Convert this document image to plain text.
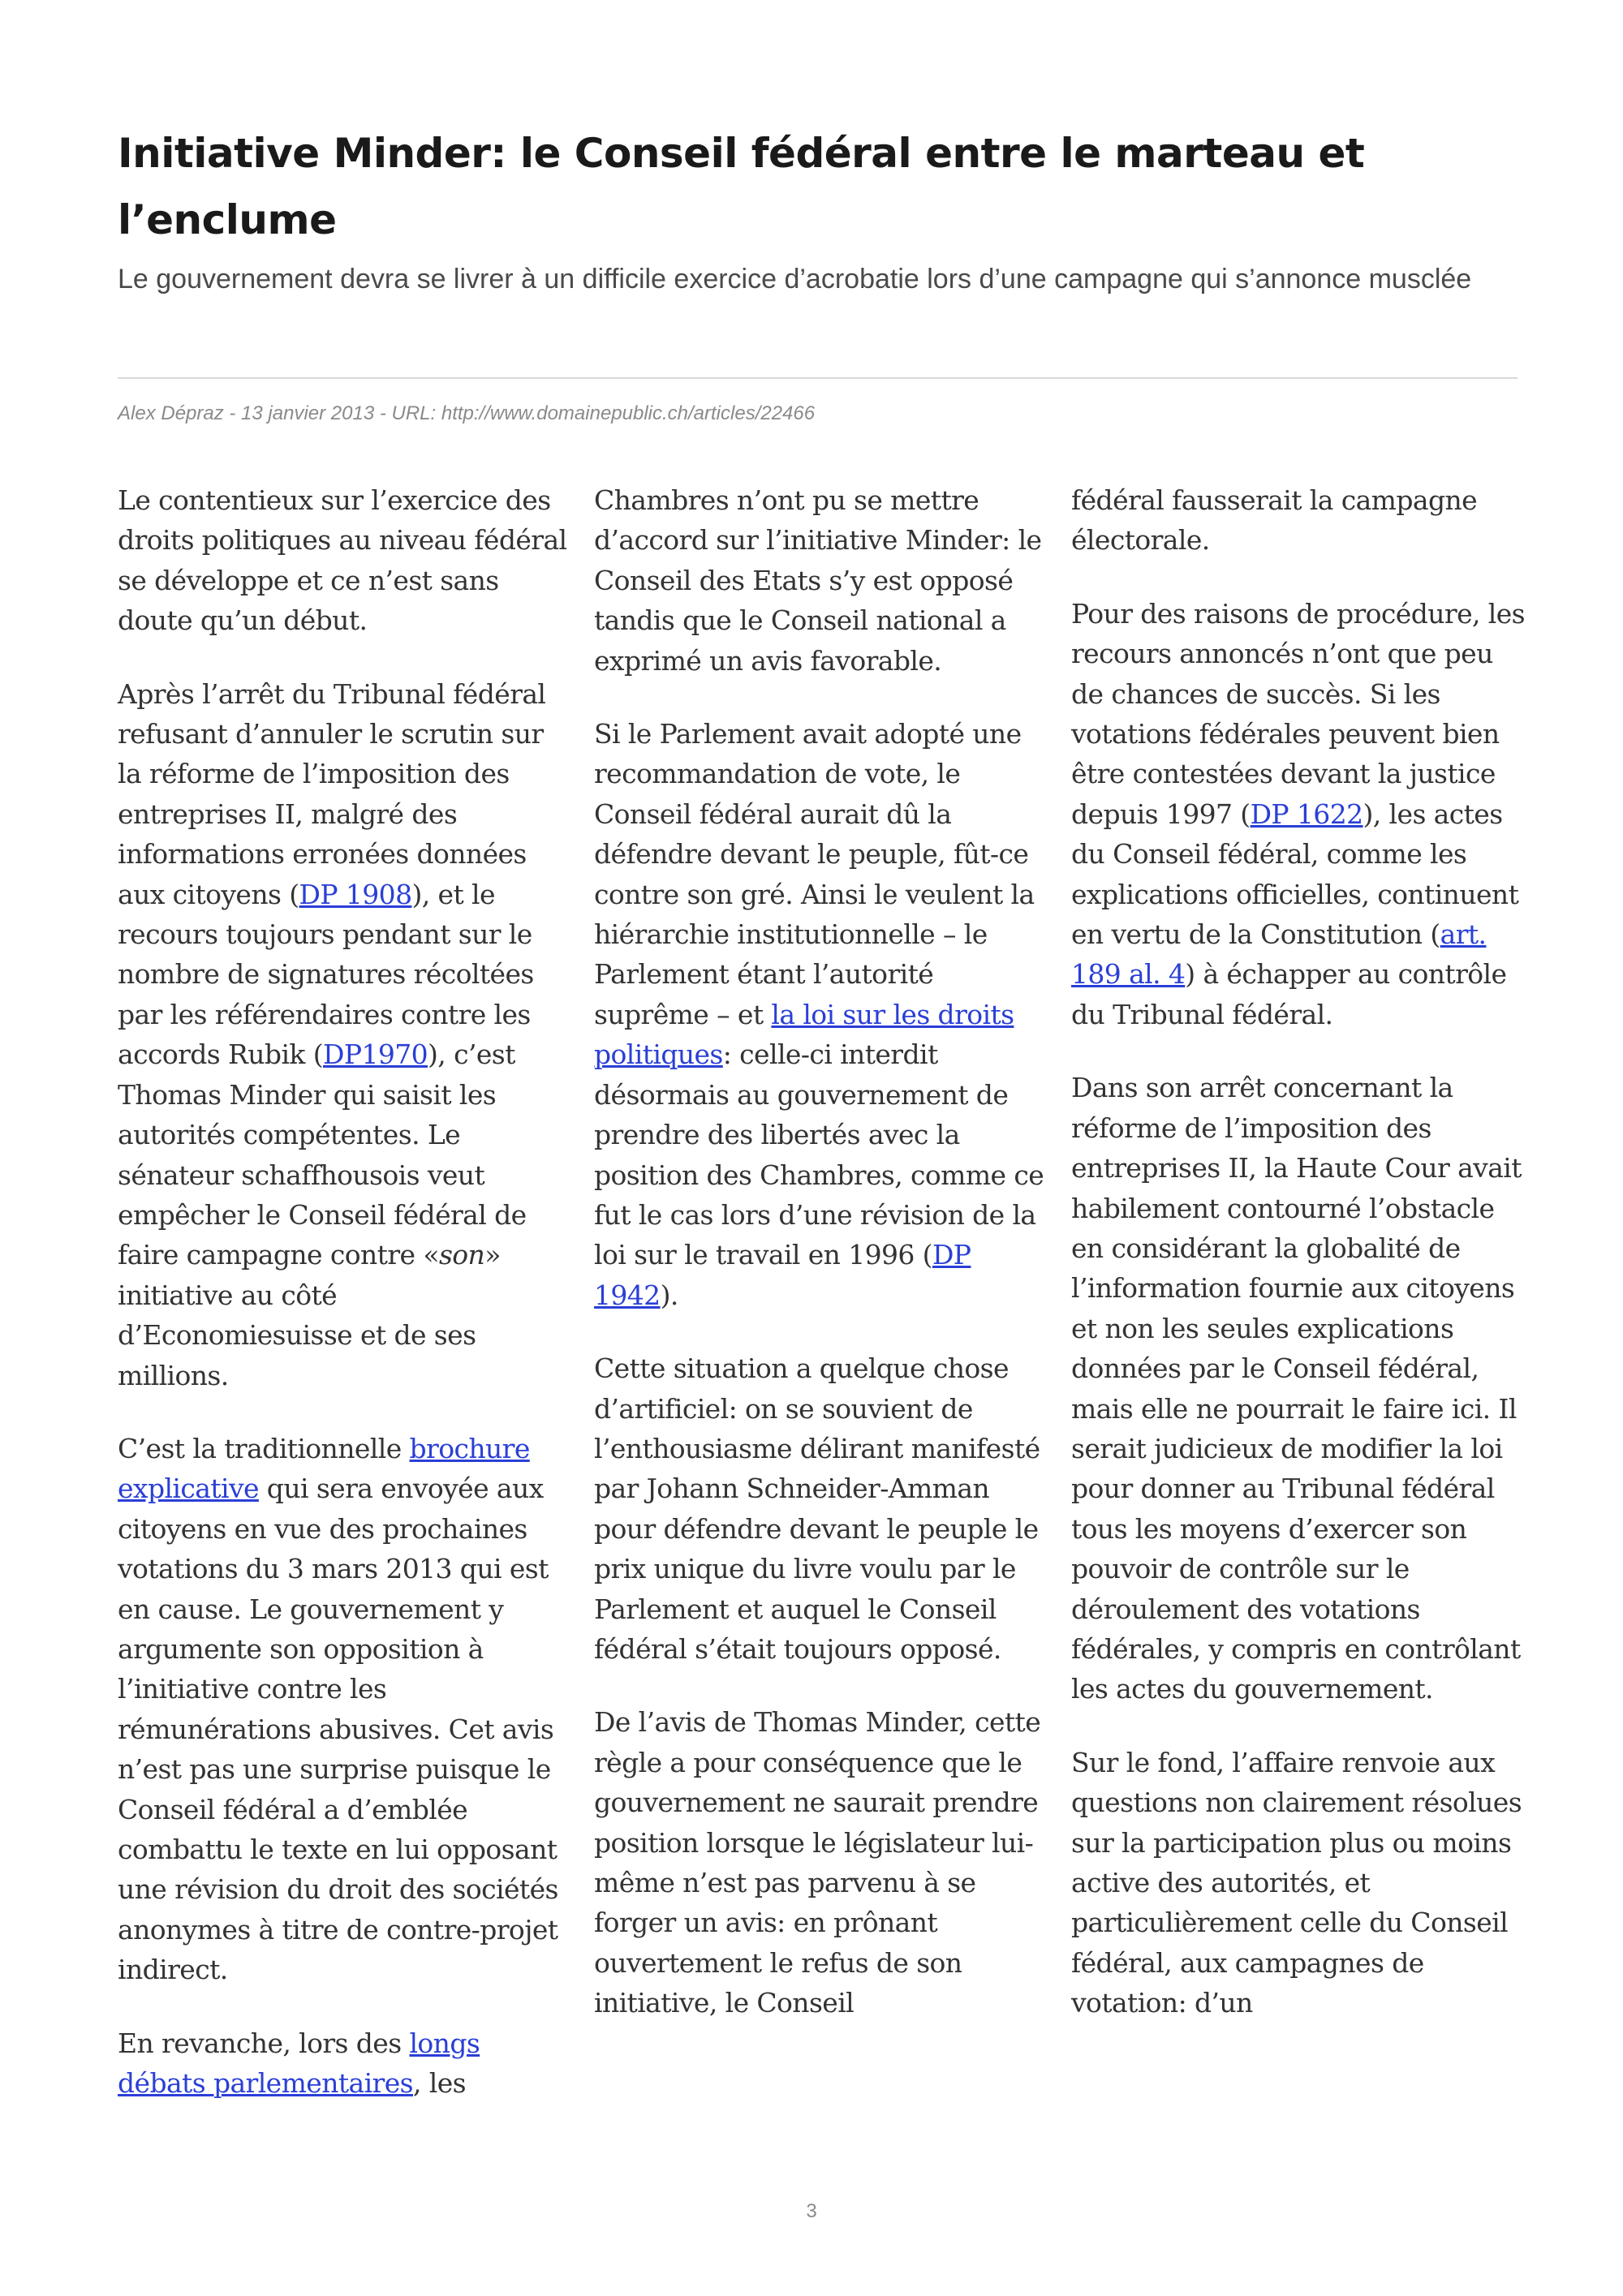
Initiative Minder: le Conseil fédéral entre le marteau et l’enclume

Le gouvernement devra se livrer à un difficile exercice d’acrobatie lors d’une campagne qui s’annonce musclée

Alex Dépraz - 13 janvier 2013 - URL: http://www.domainepublic.ch/articles/22466

Le contentieux sur l’exercice des droits politiques au niveau fédéral se développe et ce n’est sans doute qu’un début.

Après l’arrêt du Tribunal fédéral refusant d’annuler le scrutin sur la réforme de l’imposition des entreprises II, malgré des informations erronées données aux citoyens (DP 1908), et le recours toujours pendant sur le nombre de signatures récoltées par les référendaires contre les accords Rubik (DP1970), c’est Thomas Minder qui saisit les autorités compétentes. Le sénateur schaffhousois veut empêcher le Conseil fédéral de faire campagne contre «son» initiative au côté d’Economiesuisse et de ses millions.

C’est la traditionnelle brochure explicative qui sera envoyée aux citoyens en vue des prochaines votations du 3 mars 2013 qui est en cause. Le gouvernement y argumente son opposition à l’initiative contre les rémunérations abusives. Cet avis n’est pas une surprise puisque le Conseil fédéral a d’emblée combattu le texte en lui opposant une révision du droit des sociétés anonymes à titre de contre-projet indirect.

En revanche, lors des longs débats parlementaires, les

Chambres n’ont pu se mettre d’accord sur l’initiative Minder: le Conseil des Etats s’y est opposé tandis que le Conseil national a exprimé un avis favorable.

Si le Parlement avait adopté une recommandation de vote, le Conseil fédéral aurait dû la défendre devant le peuple, fût-ce contre son gré. Ainsi le veulent la hiérarchie institutionnelle – le Parlement étant l’autorité suprême – et la loi sur les droits politiques: celle-ci interdit désormais au gouvernement de prendre des libertés avec la position des Chambres, comme ce fut le cas lors d’une révision de la loi sur le travail en 1996 (DP 1942).

Cette situation a quelque chose d’artificiel: on se souvient de l’enthousiasme délirant manifesté par Johann Schneider-Amman pour défendre devant le peuple le prix unique du livre voulu par le Parlement et auquel le Conseil fédéral s’était toujours opposé.

De l’avis de Thomas Minder, cette règle a pour conséquence que le gouvernement ne saurait prendre position lorsque le législateur lui-même n’est pas parvenu à se forger un avis: en prônant ouvertement le refus de son initiative, le Conseil

fédéral fausserait la campagne électorale.

Pour des raisons de procédure, les recours annoncés n’ont que peu de chances de succès. Si les votations fédérales peuvent bien être contestées devant la justice depuis 1997 (DP 1622), les actes du Conseil fédéral, comme les explications officielles, continuent en vertu de la Constitution (art. 189 al. 4) à échapper au contrôle du Tribunal fédéral.

Dans son arrêt concernant la réforme de l’imposition des entreprises II, la Haute Cour avait habilement contourné l’obstacle en considérant la globalité de l’information fournie aux citoyens et non les seules explications données par le Conseil fédéral, mais elle ne pourrait le faire ici. Il serait judicieux de modifier la loi pour donner au Tribunal fédéral tous les moyens d’exercer son pouvoir de contrôle sur le déroulement des votations fédérales, y compris en contrôlant les actes du gouvernement.

Sur le fond, l’affaire renvoie aux questions non clairement résolues sur la participation plus ou moins active des autorités, et particulièrement celle du Conseil fédéral, aux campagnes de votation: d’un

3
